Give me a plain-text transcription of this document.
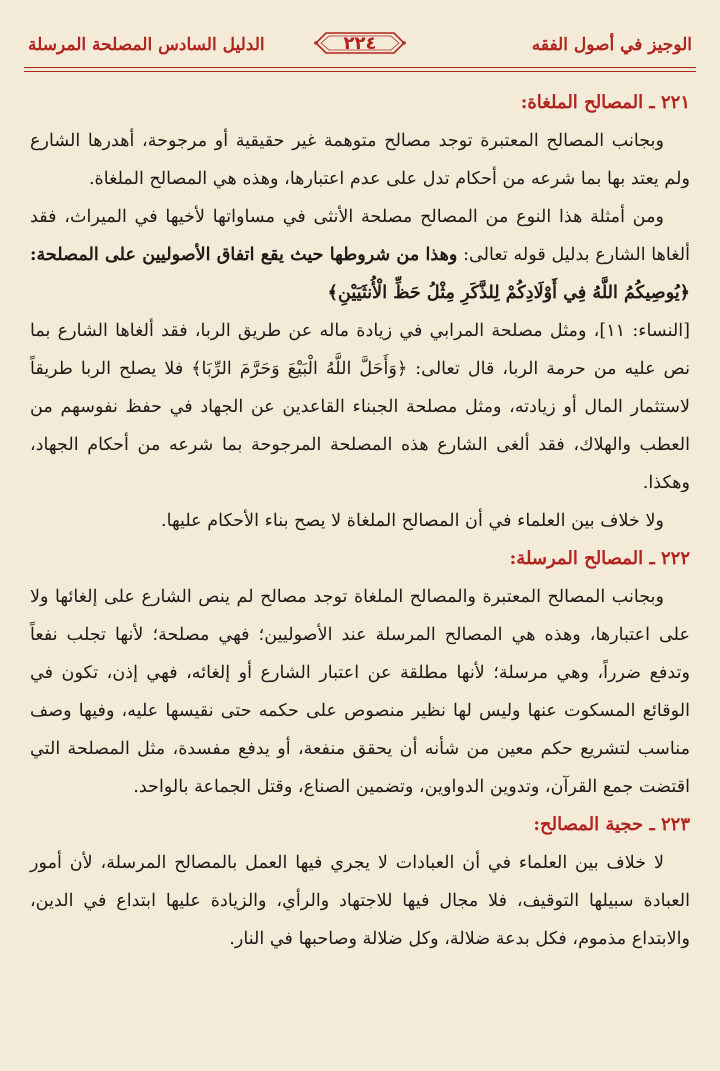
الدليل السادس المصلحة المرسلة	الوجيز في أصول الفقه
٢٢٤

٢٢١ ـ المصالح الملغاة:

وبجانب المصالح المعتبرة توجد مصالح متوهمة غير حقيقية أو مرجوحة، أهدرها الشارع ولم يعتد بها بما شرعه من أحكام تدل على عدم اعتبارها، وهذه هي المصالح الملغاة.

ومن أمثلة هذا النوع من المصالح مصلحة الأنثى في مساواتها لأخيها في الميراث، فقد ألغاها الشارع بدليل قوله تعالى: وهذا من شروطها حيث يقع اتفاق الأصوليين على المصلحة: ﴿يُوصِيكُمُ اللَّهُ فِي أَوْلَادِكُمْ لِلذَّكَرِ مِثْلُ حَظِّ الْأُنثَيَيْنِ﴾

[النساء: ١١]، ومثل مصلحة المرابي في زيادة ماله عن طريق الربا، فقد ألغاها الشارع بما نص عليه من حرمة الربا، قال تعالى: ﴿وَأَحَلَّ اللَّهُ الْبَيْعَ وَحَرَّمَ الرِّبَا﴾ فلا يصلح الربا طريقاً لاستثمار المال أو زيادته، ومثل مصلحة الجبناء القاعدين عن الجهاد في حفظ نفوسهم من العطب والهلاك، فقد ألغى الشارع هذه المصلحة المرجوحة بما شرعه من أحكام الجهاد، وهكذا.

ولا خلاف بين العلماء في أن المصالح الملغاة لا يصح بناء الأحكام عليها.

٢٢٢ ـ المصالح المرسلة:

وبجانب المصالح المعتبرة والمصالح الملغاة توجد مصالح لم ينص الشارع على إلغائها ولا على اعتبارها، وهذه هي المصالح المرسلة عند الأصوليين؛ فهي مصلحة؛ لأنها تجلب نفعاً وتدفع ضرراً، وهي مرسلة؛ لأنها مطلقة عن اعتبار الشارع أو إلغائه، فهي إذن، تكون في الوقائع المسكوت عنها وليس لها نظير منصوص على حكمه حتى نقيسها عليه، وفيها وصف مناسب لتشريع حكم معين من شأنه أن يحقق منفعة، أو يدفع مفسدة، مثل المصلحة التي اقتضت جمع القرآن، وتدوين الدواوين، وتضمين الصناع، وقتل الجماعة بالواحد.

٢٢٣ ـ حجية المصالح:

لا خلاف بين العلماء في أن العبادات لا يجري فيها العمل بالمصالح المرسلة، لأن أمور العبادة سبيلها التوقيف، فلا مجال فيها للاجتهاد والرأي، والزيادة عليها ابتداع في الدين، والابتداع مذموم، فكل بدعة ضلالة، وكل ضلالة وصاحبها في النار.
